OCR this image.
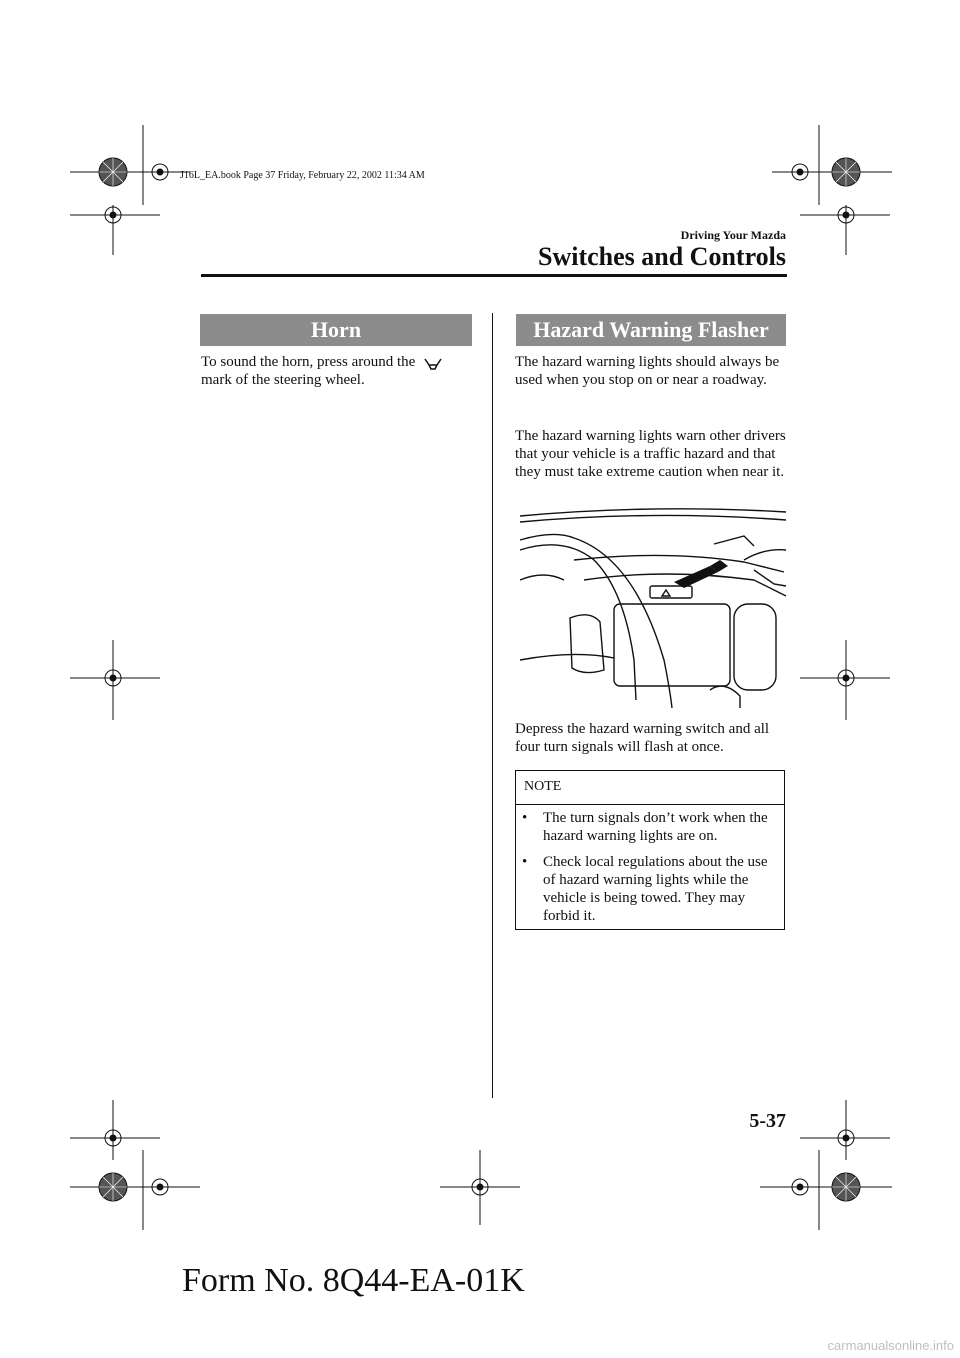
J16L_EA.book Page 37 Friday, February 22, 2002 11:34 AM
Driving Your Mazda
Switches and Controls
Horn
To sound the horn, press around the  mark of the steering wheel.
Hazard Warning Flasher
The hazard warning lights should always be used when you stop on or near a roadway.
The hazard warning lights warn other drivers that your vehicle is a traffic hazard and that they must take extreme caution when near it.
Depress the hazard warning switch and all four turn signals will flash at once.
NOTE
• The turn signals don’t work when the hazard warning lights are on.
• Check local regulations about the use of hazard warning lights while the vehicle is being towed. They may forbid it.
5-37
Form No. 8Q44-EA-01K
carmanualsonline.info
